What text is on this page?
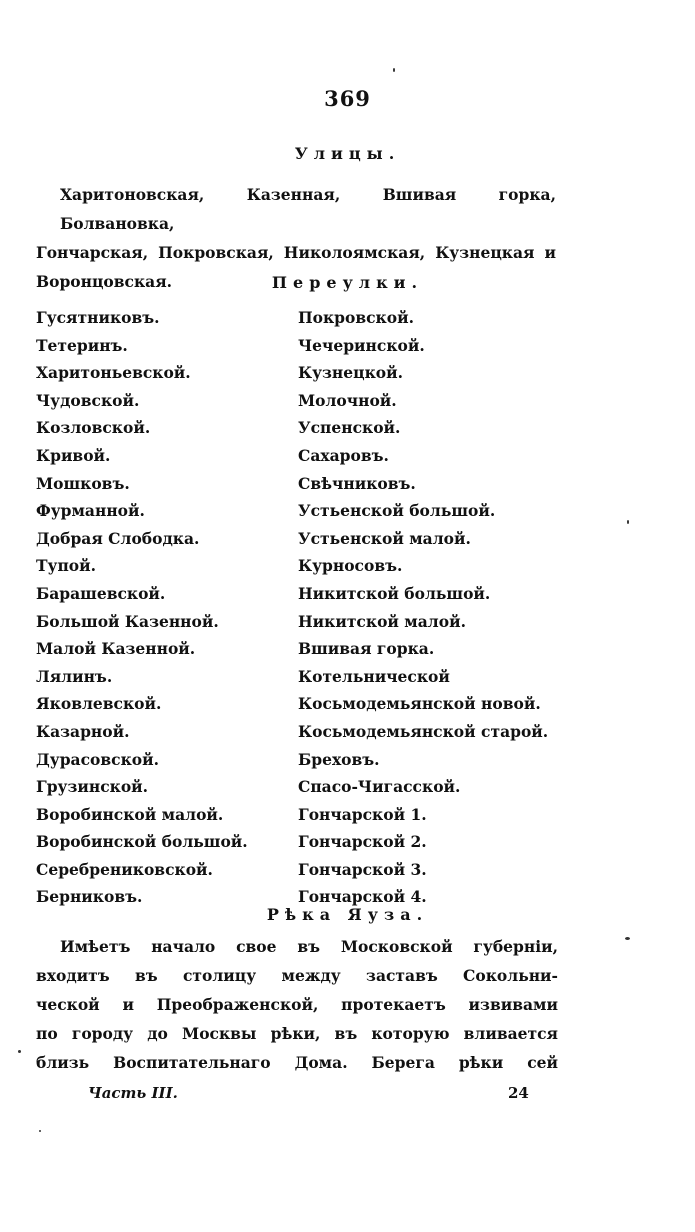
369
Улицы.
Харитоновская, Казенная, Вшивая горка, Болвановка,
Гончарская, Покровская, Николоямская, Кузнецкая и
Воронцовская.	Переулки.
Гусятниковъ.
Тетеринъ.
Харитоньевской.
Чудовской.
Козловской.
Кривой.
Мошковъ.
Фурманной.
Добрая Слободка.
Тупой.
Барашевской.
Большой Казенной.
Малой Казенной.
Лялинъ.
Яковлевской.
Казарной.
Дурасовской.
Грузинской.
Воробинской малой.
Воробинской большой.
Серебрениковской.
Берниковъ.
Покровской.
Чечеринской.
Кузнецкой.
Молочной.
Успенской.
Сахаровъ.
Свѣчниковъ.
Устьенской большой.
Устьенской малой.
Курносовъ.
Никитской большой.
Никитской малой.
Вшивая горка.
Котельнической
Косьмодемьянской новой.
Косьмодемьянской старой.
Бреховъ.
Спасо-Чигасской.
Гончарской 1.
Гончарской 2.
Гончарской 3.
Гончарской 4.
Рѣка Яуза.
Имѣетъ начало свое въ Московской губерніи,
входитъ въ столицу между заставъ Сокольни-
ческой и Преображенской, протекаетъ извивами
по городу до Москвы рѣки, въ которую вливается
близь Воспитательнаго Дома. Берега рѣки сей
Часть III.	24
